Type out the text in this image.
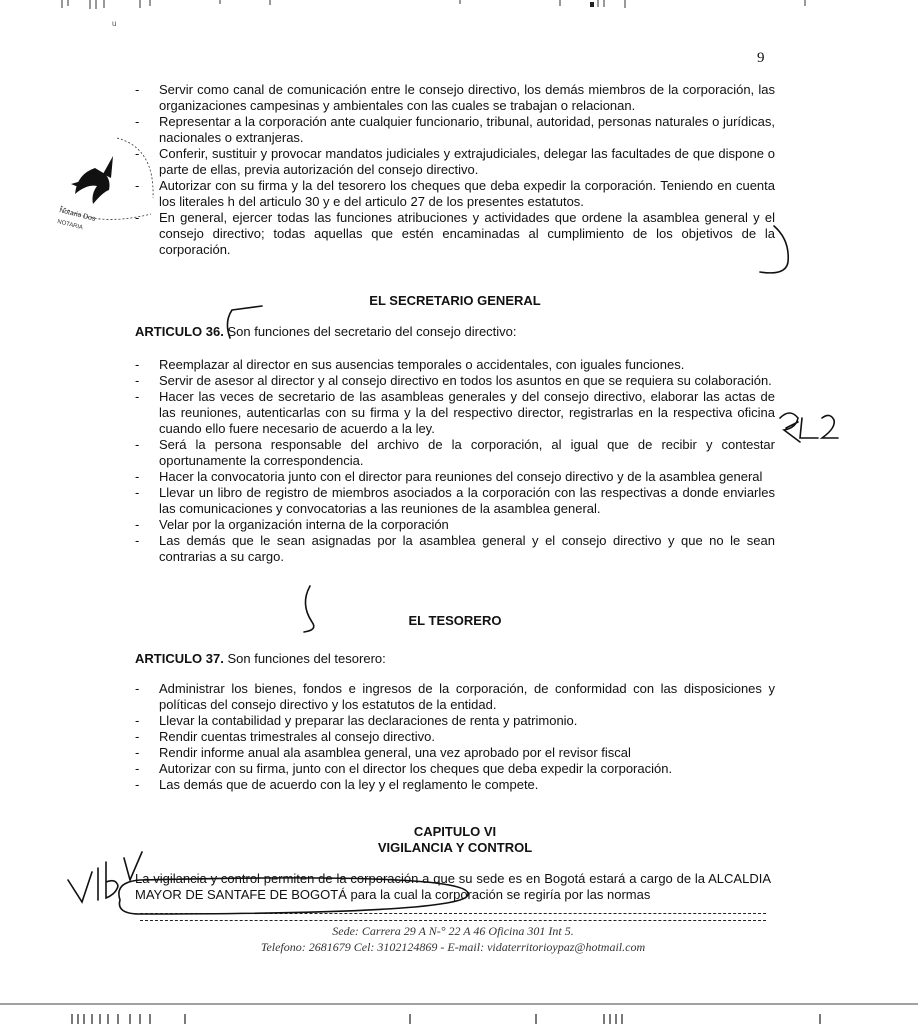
u
9
Notario Dos
NOTARIA
- Servir como canal de comunicación entre le consejo directivo, los demás miembros de la corporación, las organizaciones campesinas y ambientales con las cuales se trabajan o relacionan.
- Representar a la corporación ante cualquier funcionario, tribunal, autoridad, personas naturales o jurídicas, nacionales o extranjeras.
- Conferir, sustituir y provocar mandatos judiciales y extrajudiciales, delegar las facultades de que dispone o parte de ellas, previa autorización del consejo directivo.
- Autorizar con su firma y la del tesorero los cheques que deba expedir la corporación. Teniendo en cuenta los literales h del articulo 30 y e del articulo 27 de los presentes estatutos.
- En general, ejercer todas las funciones atribuciones y actividades que ordene la asamblea general y el consejo directivo; todas aquellas que estén encaminadas al cumplimiento de los objetivos de la corporación.
EL SECRETARIO GENERAL
ARTICULO 36. Son funciones del secretario del consejo directivo:
- Reemplazar al director en sus ausencias temporales o accidentales, con iguales funciones.
- Servir de asesor al director y al consejo directivo en todos los asuntos en que se requiera su colaboración.
- Hacer las veces de secretario de las asambleas generales y del consejo directivo, elaborar las actas de las reuniones, autenticarlas con su firma y la del respectivo director, registrarlas en la respectiva oficina cuando ello fuere necesario de acuerdo a la ley.
- Será la persona responsable del archivo de la corporación, al igual que de recibir y contestar oportunamente la correspondencia.
- Hacer la convocatoria junto con el director para reuniones del consejo directivo y de la asamblea general
- Llevar un libro de registro de miembros asociados a la corporación con las respectivas a donde enviarles las comunicaciones y convocatorias a las reuniones de la asamblea general.
- Velar por la organización interna de la corporación
- Las demás que le sean asignadas por la asamblea general y el consejo directivo y que no le sean contrarias a su cargo.
EL TESORERO
ARTICULO 37. Son funciones del tesorero:
- Administrar los bienes, fondos e ingresos de la corporación, de conformidad con las disposiciones y políticas del consejo directivo y los estatutos de la entidad.
- Llevar la contabilidad y preparar las declaraciones de renta y patrimonio.
- Rendir cuentas trimestrales al consejo directivo.
- Rendir informe anual ala asamblea general, una vez aprobado por el revisor fiscal
- Autorizar con su firma, junto con el director los cheques que deba expedir la corporación.
- Las demás que de acuerdo con la ley y el reglamento le compete.
CAPITULO VI
VIGILANCIA Y CONTROL
La vigilancia y control permiten de la corporación a que su sede es en Bogotá estará a cargo de la ALCALDIA MAYOR DE SANTAFE DE BOGOTÁ para la cual la corporación se regiría por las normas
Sede: Carrera 29 A N-° 22 A 46 Oficina 301 Int 5.
Telefono: 2681679 Cel: 3102124869 - E-mail: vidaterritorioypaz@hotmail.com
